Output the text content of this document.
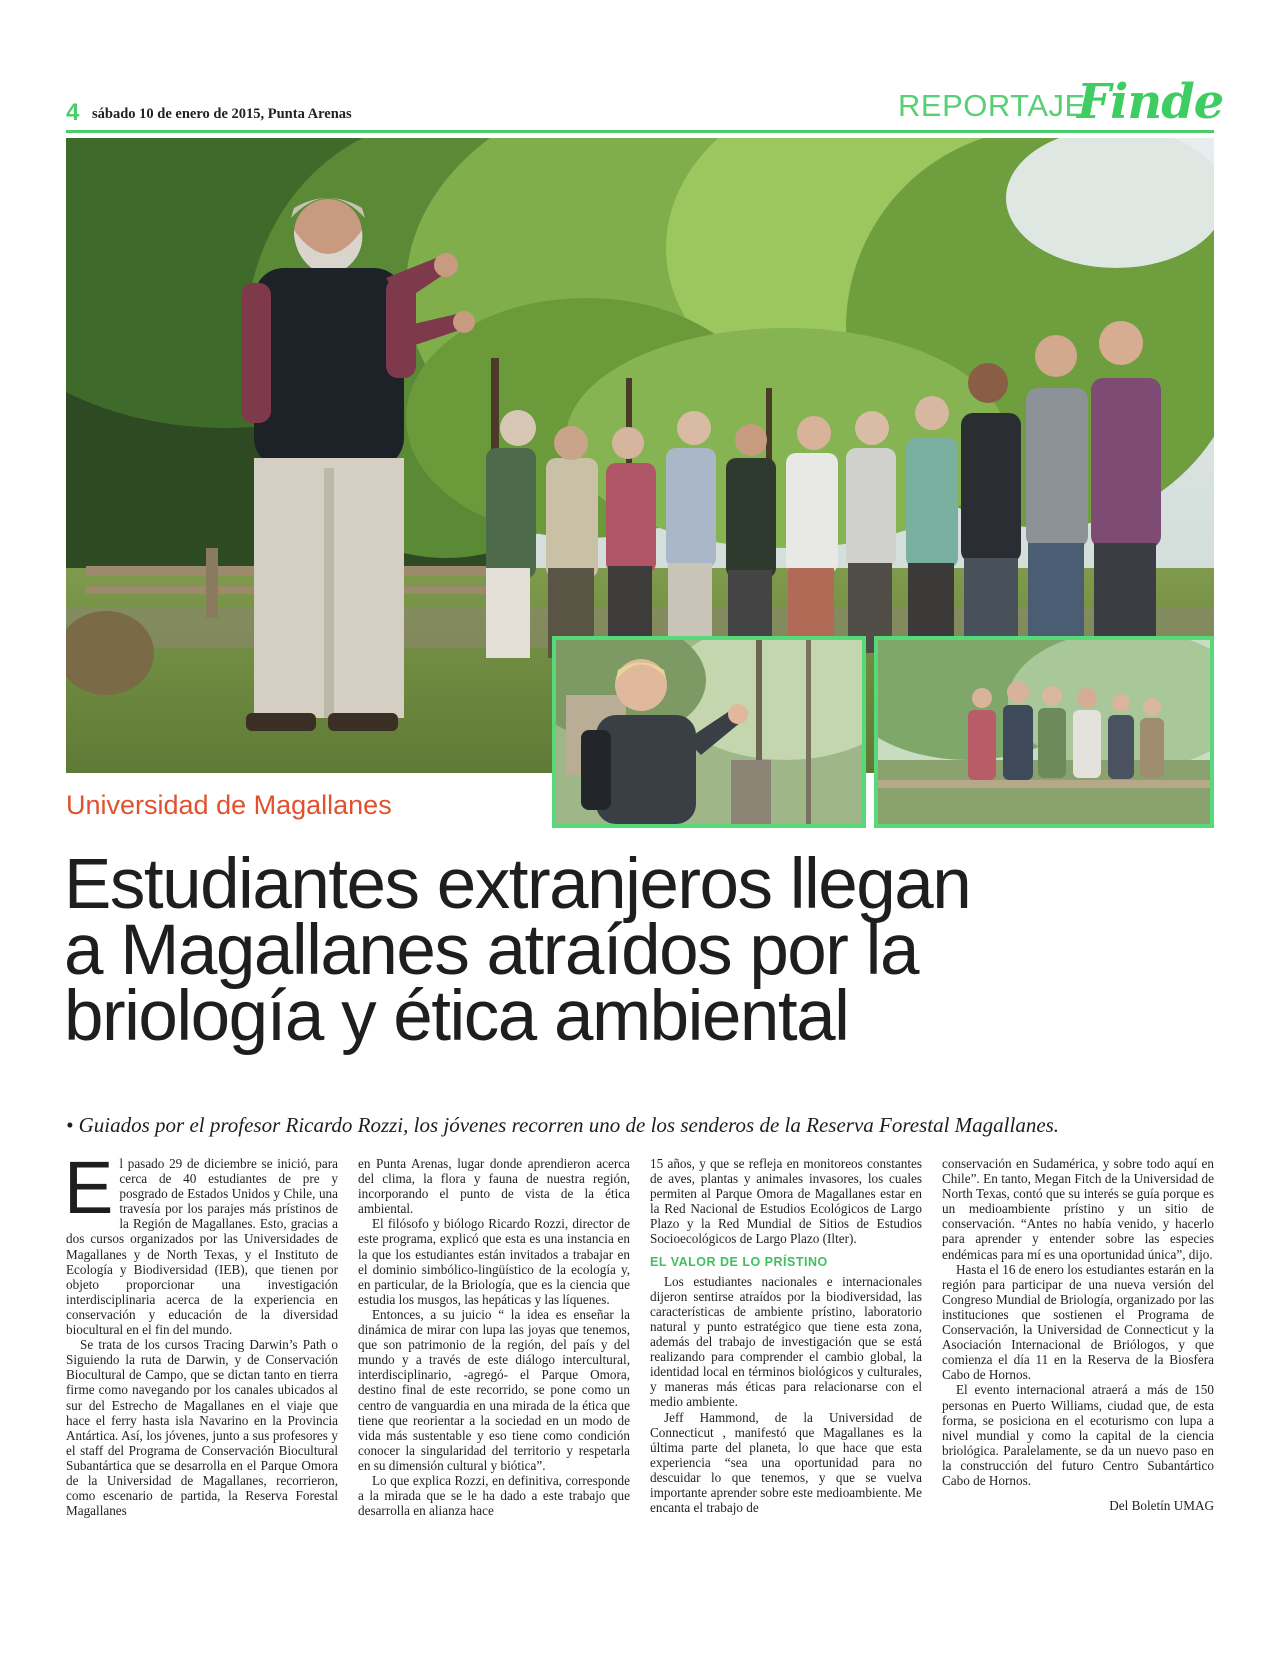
4 sábado 10 de enero de 2015, Punta Arenas	REPORTAJE
Finde
Universidad de Magallanes
Estudiantes extranjeros llegan
a Magallanes atraídos por la
briología y ética ambiental
• Guiados por el profesor Ricardo Rozzi, los jóvenes recorren uno de los senderos de la Reserva Forestal Magallanes.

El pasado 29 de diciembre se inició, para cerca de 40 estudiantes de pre y posgrado de Estados Unidos y Chile, una travesía por los parajes más prístinos de la Región de Magallanes. Esto, gracias a dos cursos organizados por las Universidades de Magallanes y de North Texas, y el Instituto de Ecología y Biodiversidad (IEB), que tienen por objeto proporcionar una investigación interdisciplinaria acerca de la experiencia en conservación y educación de la diversidad biocultural en el fin del mundo.

Se trata de los cursos Tracing Darwin’s Path o Siguiendo la ruta de Darwin, y de Conservación Biocultural de Campo, que se dictan tanto en tierra firme como navegando por los canales ubicados al sur del Estrecho de Magallanes en el viaje que hace el ferry hasta isla Navarino en la Provincia Antártica. Así, los jóvenes, junto a sus profesores y el staff del Programa de Conservación Biocultural Subantártica que se desarrolla en el Parque Omora de la Universidad de Magallanes, recorrieron, como escenario de partida, la Reserva Forestal Magallanes

en Punta Arenas, lugar donde aprendieron acerca del clima, la flora y fauna de nuestra región, incorporando el punto de vista de la ética ambiental.

El filósofo y biólogo Ricardo Rozzi, director de este programa, explicó que esta es una instancia en la que los estudiantes están invitados a trabajar en el dominio simbólico-lingüístico de la ecología y, en particular, de la Briología, que es la ciencia que estudia los musgos, las hepáticas y las líquenes.

Entonces, a su juicio “ la idea es enseñar la dinámica de mirar con lupa las joyas que tenemos, que son patrimonio de la región, del país y del mundo y a través de este diálogo intercultural, interdisciplinario, -agregó- el Parque Omora, destino final de este recorrido, se pone como un centro de vanguardia en una mirada de la ética que tiene que reorientar a la sociedad en un modo de vida más sustentable y eso tiene como condición conocer la singularidad del territorio y respetarla en su dimensión cultural y biótica”.

Lo que explica Rozzi, en definitiva, corresponde a la mirada que se le ha dado a este trabajo que desarrolla en alianza hace

15 años, y que se refleja en monitoreos constantes de aves, plantas y animales invasores, los cuales permiten al Parque Omora de Magallanes estar en la Red Nacional de Estudios Ecológicos de Largo Plazo y la Red Mundial de Sitios de Estudios Socioecológicos de Largo Plazo (Ilter).

EL VALOR DE LO PRÍSTINO

Los estudiantes nacionales e internacionales dijeron sentirse atraídos por la biodiversidad, las características de ambiente prístino, laboratorio natural y punto estratégico que tiene esta zona, además del trabajo de investigación que se está realizando para comprender el cambio global, la identidad local en términos biológicos y culturales, y maneras más éticas para relacionarse con el medio ambiente.

Jeff Hammond, de la Universidad de Connecticut , manifestó que Magallanes es la última parte del planeta, lo que hace que esta experiencia “sea una oportunidad para no descuidar lo que tenemos, y que se vuelva importante aprender sobre este medioambiente. Me encanta el trabajo de

conservación en Sudamérica, y sobre todo aquí en Chile”. En tanto, Megan Fitch de la Universidad de North Texas, contó que su interés se guía porque es un medioambiente prístino y un sitio de conservación. “Antes no había venido, y hacerlo para aprender y entender sobre las especies endémicas para mí es una oportunidad única”, dijo.

Hasta el 16 de enero los estudiantes estarán en la región para participar de una nueva versión del Congreso Mundial de Briología, organizado por las instituciones que sostienen el Programa de Conservación, la Universidad de Connecticut y la Asociación Internacional de Briólogos, y que comienza el día 11 en la Reserva de la Biosfera Cabo de Hornos.

El evento internacional atraerá a más de 150 personas en Puerto Williams, ciudad que, de esta forma, se posiciona en el ecoturismo con lupa a nivel mundial y como la capital de la ciencia briológica. Paralelamente, se da un nuevo paso en la construcción del futuro Centro Subantártico Cabo de Hornos.

Del Boletín UMAG
